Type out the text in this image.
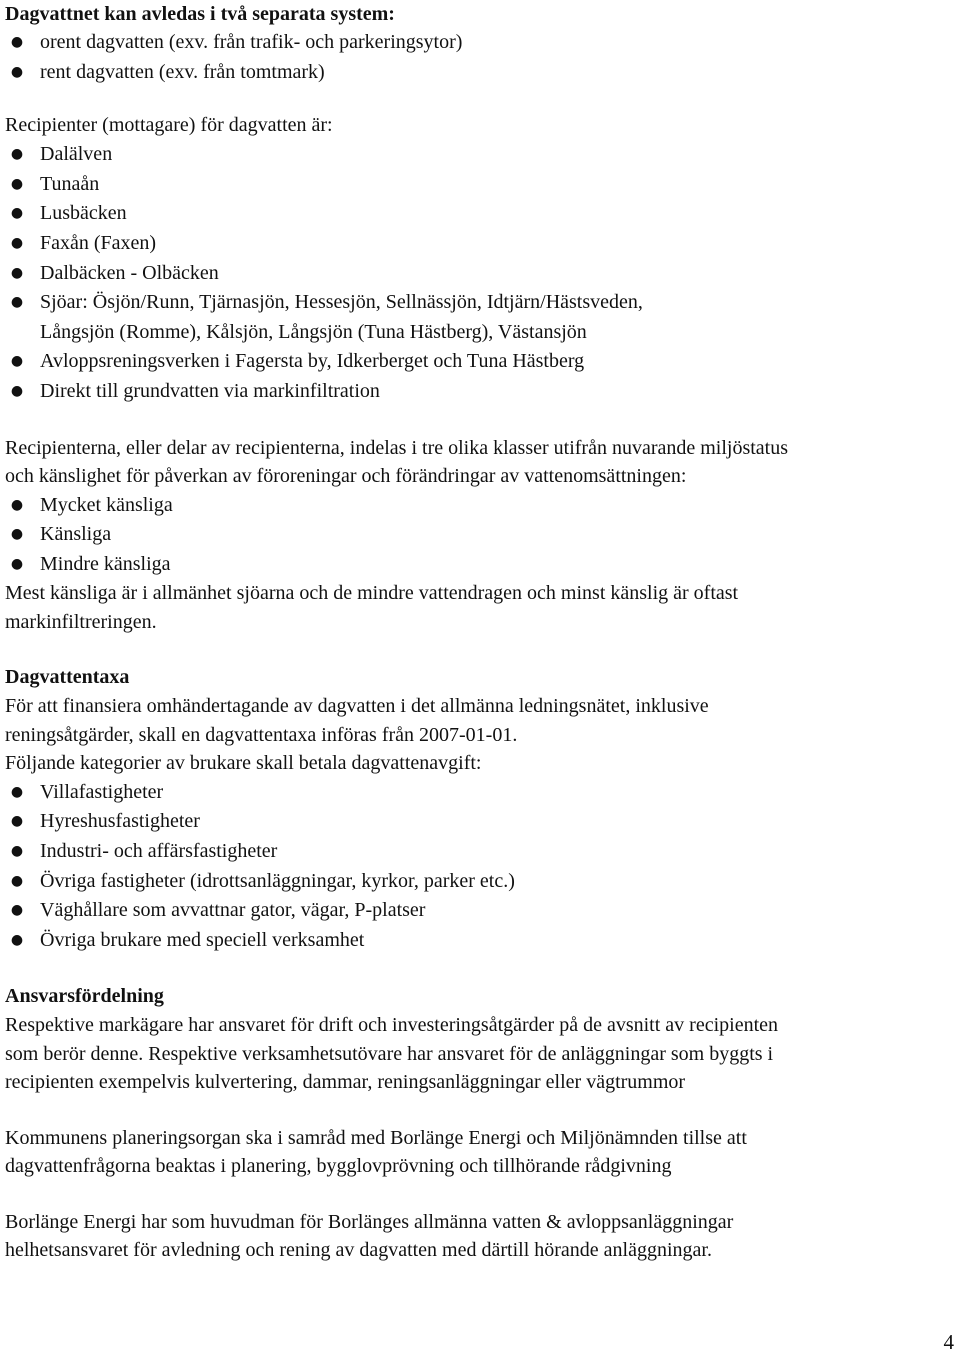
Dagvattnet kan avledas i två separata system:
● orent dagvatten (exv. från trafik- och parkeringsytor)
● rent dagvatten (exv. från tomtmark)
Recipienter (mottagare) för dagvatten är:
● Dalälven
● Tunaån
● Lusbäcken
● Faxån (Faxen)
● Dalbäcken - Olbäcken
● Sjöar: Ösjön/Runn, Tjärnasjön, Hessesjön, Sellnässjön, Idtjärn/Hästsveden,
Långsjön (Romme), Kålsjön, Långsjön (Tuna Hästberg), Västansjön
● Avloppsreningsverken i Fagersta by, Idkerberget och Tuna Hästberg
● Direkt till grundvatten via markinfiltration
Recipienterna, eller delar av recipienterna, indelas i tre olika klasser utifrån nuvarande miljöstatus
och känslighet för påverkan av föroreningar och förändringar av vattenomsättningen:
● Mycket känsliga
● Känsliga
● Mindre känsliga
Mest känsliga är i allmänhet sjöarna och de mindre vattendragen och minst känslig är oftast
markinfiltreringen.
Dagvattentaxa
För att finansiera omhändertagande av dagvatten i det allmänna ledningsnätet, inklusive
reningsåtgärder, skall en dagvattentaxa införas från 2007-01-01.
Följande kategorier av brukare skall betala dagvattenavgift:
● Villafastigheter
● Hyreshusfastigheter
● Industri- och affärsfastigheter
● Övriga fastigheter (idrottsanläggningar, kyrkor, parker etc.)
● Väghållare som avvattnar gator, vägar, P-platser
● Övriga brukare med speciell verksamhet
Ansvarsfördelning
Respektive markägare har ansvaret för drift och investeringsåtgärder på de avsnitt av recipienten
som berör denne. Respektive verksamhetsutövare har ansvaret för de anläggningar som byggts i
recipienten exempelvis kulvertering, dammar, reningsanläggningar eller vägtrummor
Kommunens planeringsorgan ska i samråd med Borlänge Energi och Miljönämnden tillse att
dagvattenfrågorna beaktas i planering, bygglovprövning och tillhörande rådgivning
Borlänge Energi har som huvudman för Borlänges allmänna vatten & avloppsanläggningar
helhetsansvaret för avledning och rening av dagvatten med därtill hörande anläggningar.
4
